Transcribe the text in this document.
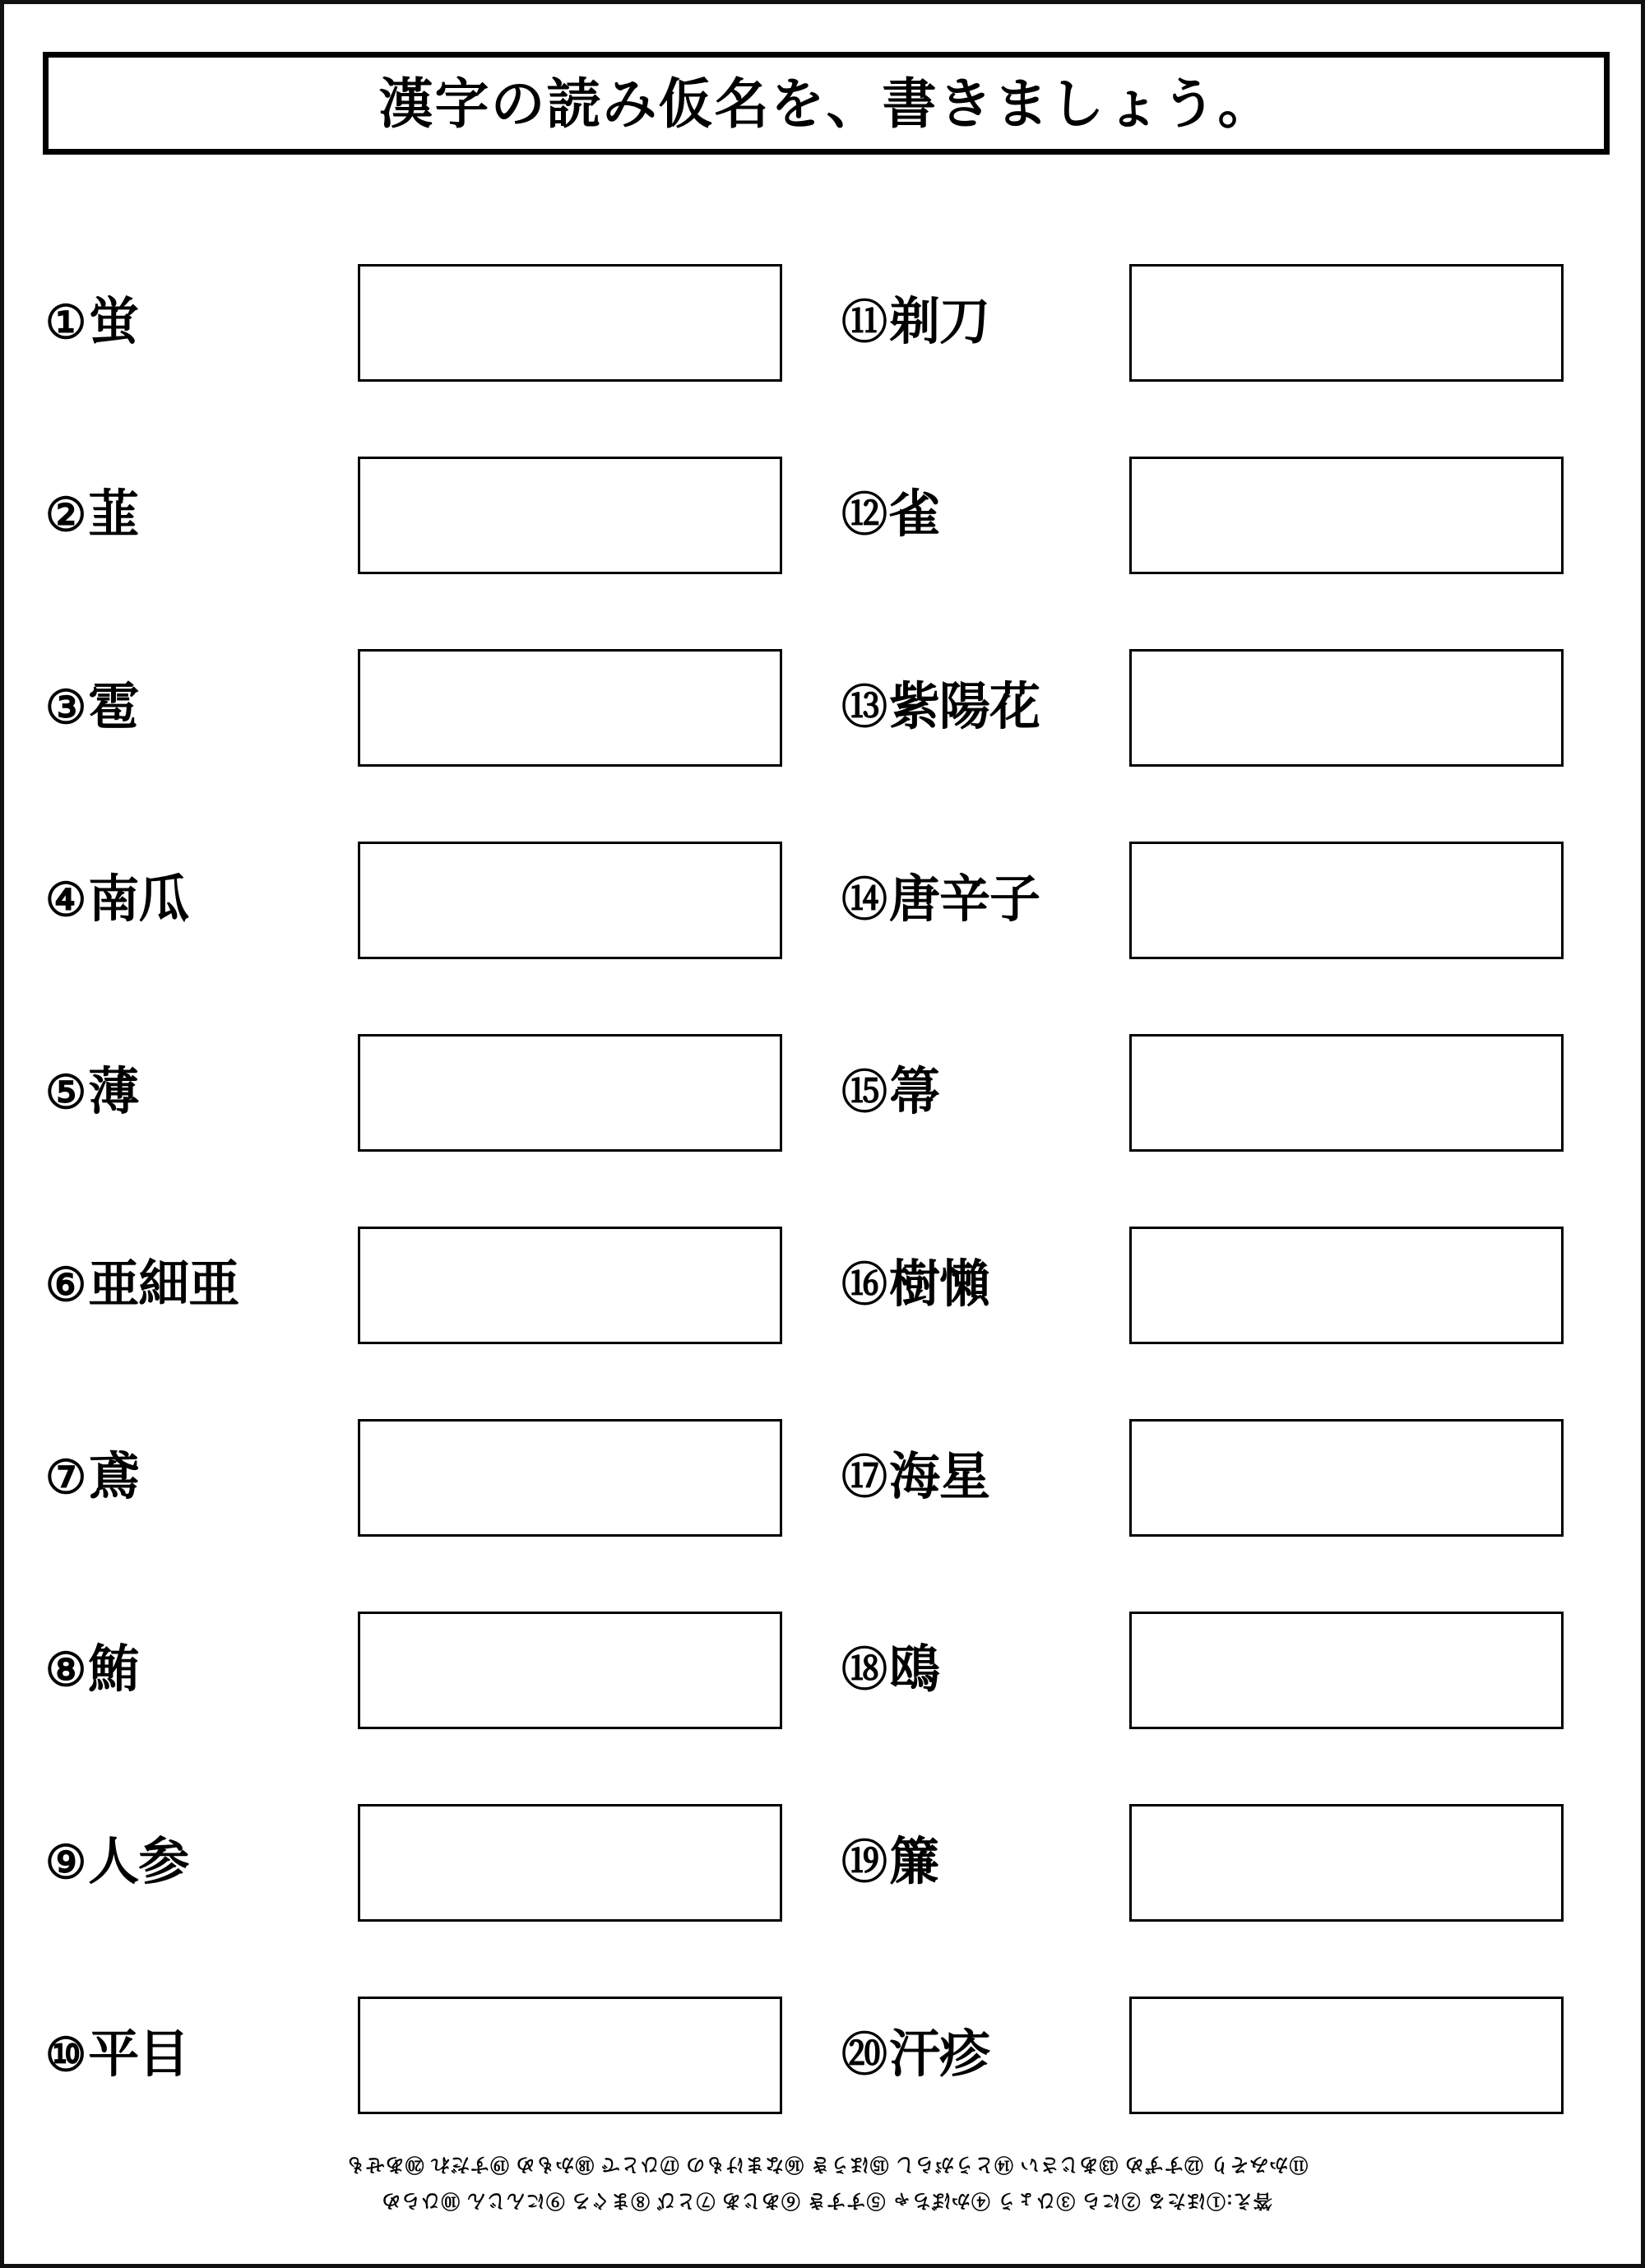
漢字の読み仮名を、書きましょう。
① 蛍
② 韮
③ 雹
④ 南瓜
⑤ 薄
⑥ 亜細亜
⑦ 鳶
⑧ 鮪
⑨ 人参
⑩ 平目
⑪ 剃刀
⑫ 雀
⑬ 紫陽花
⑭ 唐辛子
⑮ 箒
⑯ 樹懶
⑰ 海星
⑱ 鴎
⑲ 簾
⑳ 汗疹
⑪かみそり ⑫すずめ ⑬あじさい ⑭とうがらし ⑮ほうき ⑯なまけもの ⑰ひとで ⑱かもめ ⑲すだれ ⑳あせも
答え:①ほたる ②にら ③ひょう ④かぼちゃ ⑤すすき ⑥あじあ ⑦とび ⑧まぐろ ⑨にんじん ⑩ひらめ
